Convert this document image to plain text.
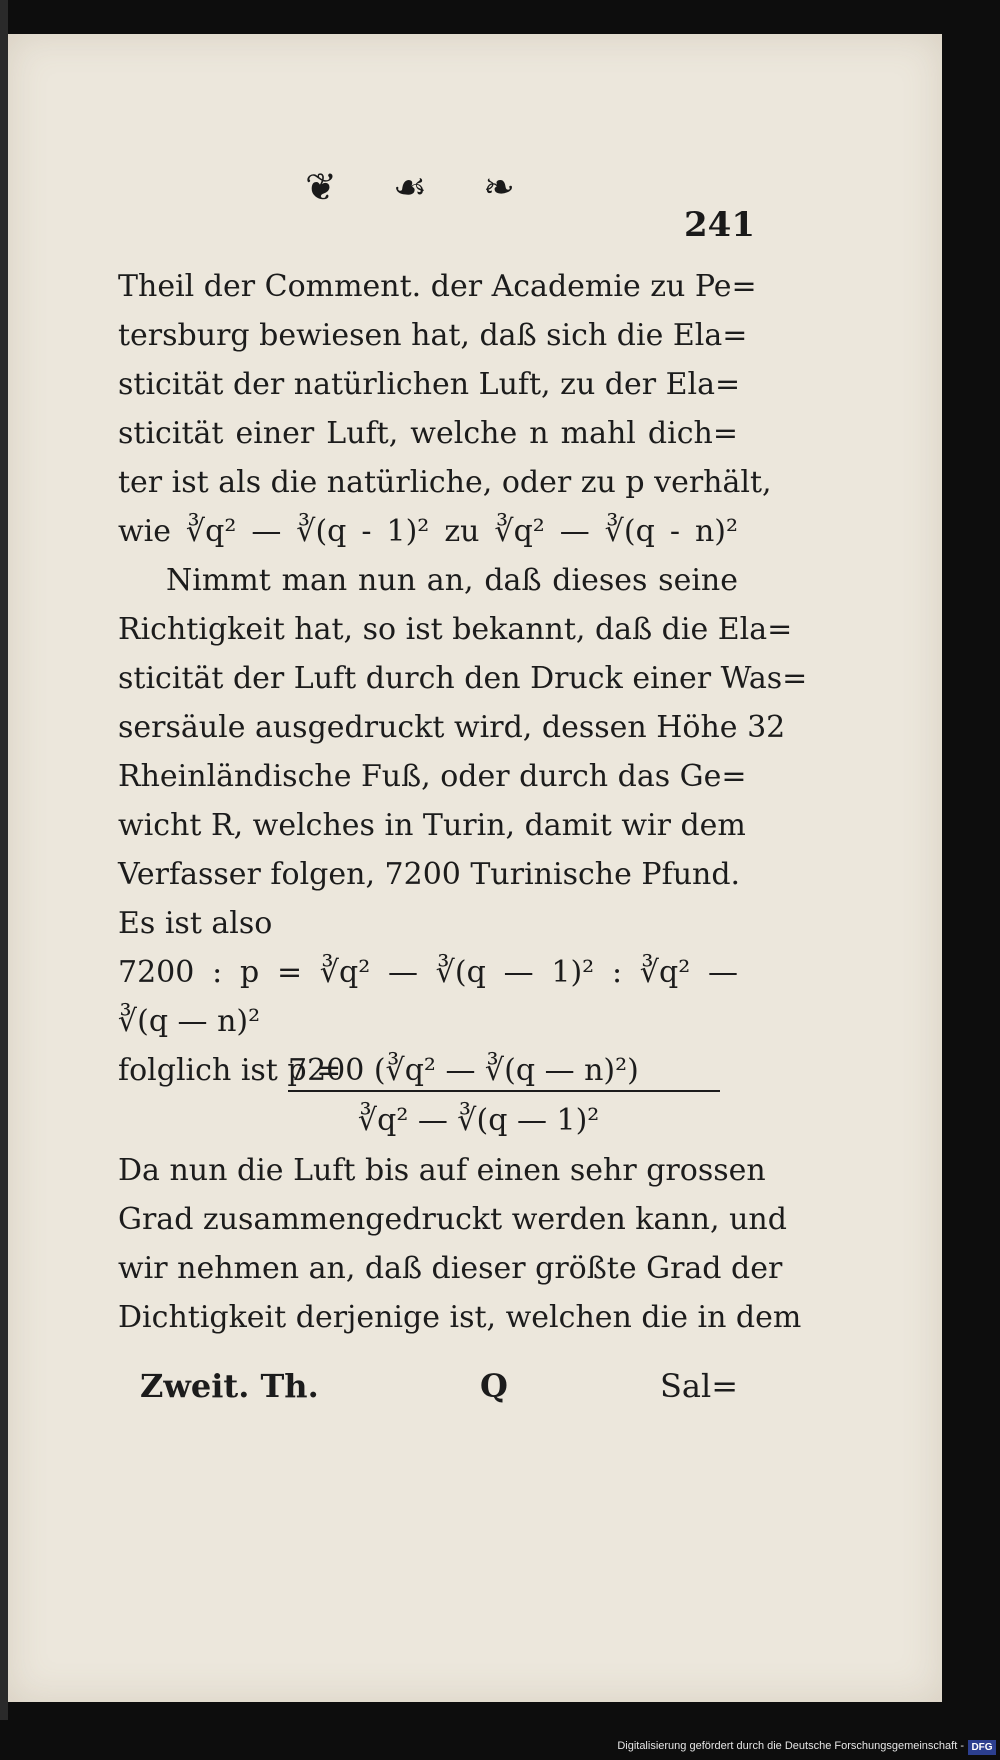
❦ ☙ ❧
241
Theil der Comment. der Academie zu Pe=
tersburg bewiesen hat, daß sich die Ela=
sticität der natürlichen Luft, zu der Ela=
sticität einer Luft, welche n mahl dich=
ter ist als die natürliche, oder zu p verhält,
wie ∛q² — ∛(q - 1)² zu ∛q² — ∛(q - n)²
Nimmt man nun an, daß dieses seine
Richtigkeit hat, so ist bekannt, daß die Ela=
sticität der Luft durch den Druck einer Was=
sersäule ausgedruckt wird, dessen Höhe 32
Rheinländische Fuß, oder durch das Ge=
wicht R, welches in Turin, damit wir dem
Verfasser folgen, 7200 Turinische Pfund.
Es ist also
7200 : p = ∛q² — ∛(q — 1)² : ∛q² —
∛(q — n)²
folglich ist p =
7200 (∛q² — ∛(q — n)²)
∛q² — ∛(q — 1)²
Da nun die Luft bis auf einen sehr grossen
Grad zusammengedruckt werden kann, und
wir nehmen an, daß dieser größte Grad der
Dichtigkeit derjenige ist, welchen die in dem
Zweit. Th.	Q	Sal=
Digitalisierung gefördert durch die Deutsche Forschungsgemeinschaft - DFG
